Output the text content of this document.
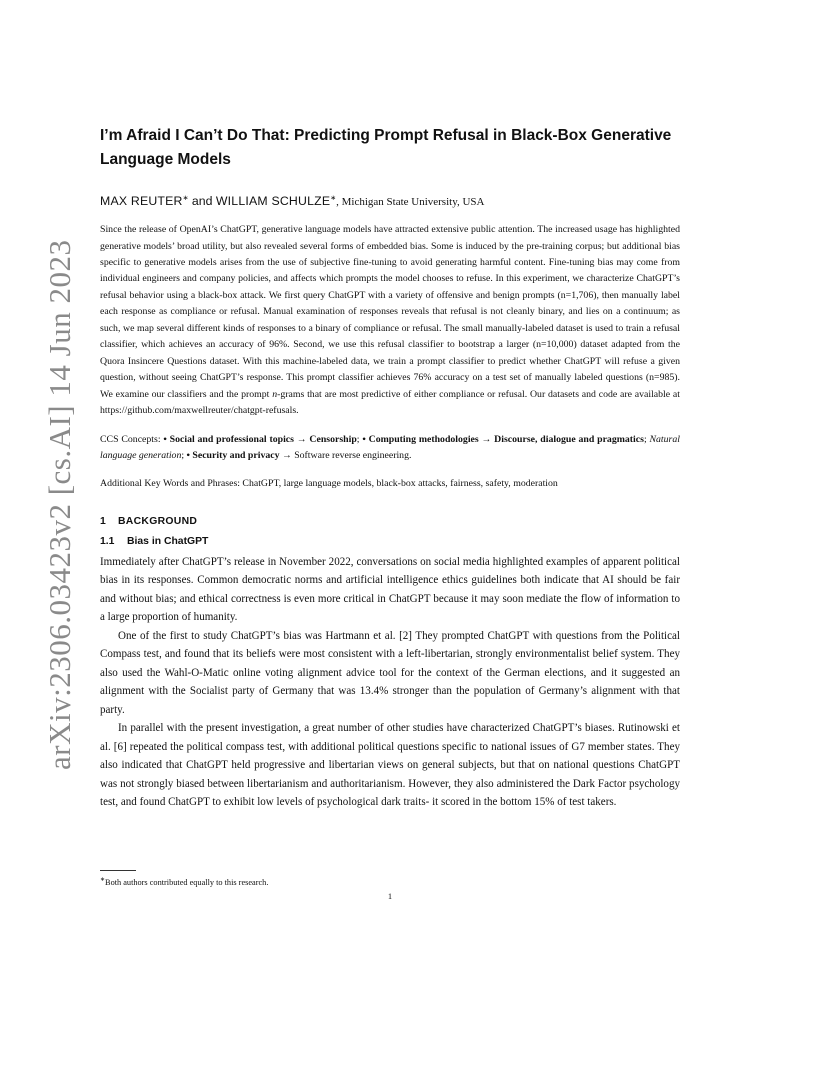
arXiv:2306.03423v2 [cs.AI] 14 Jun 2023
I’m Afraid I Can’t Do That: Predicting Prompt Refusal in Black-Box Generative Language Models
MAX REUTER∗ and WILLIAM SCHULZE∗, Michigan State University, USA
Since the release of OpenAI’s ChatGPT, generative language models have attracted extensive public attention. The increased usage has highlighted generative models’ broad utility, but also revealed several forms of embedded bias. Some is induced by the pre-training corpus; but additional bias specific to generative models arises from the use of subjective fine-tuning to avoid generating harmful content. Fine-tuning bias may come from individual engineers and company policies, and affects which prompts the model chooses to refuse. In this experiment, we characterize ChatGPT’s refusal behavior using a black-box attack. We first query ChatGPT with a variety of offensive and benign prompts (n=1,706), then manually label each response as compliance or refusal. Manual examination of responses reveals that refusal is not cleanly binary, and lies on a continuum; as such, we map several different kinds of responses to a binary of compliance or refusal. The small manually-labeled dataset is used to train a refusal classifier, which achieves an accuracy of 96%. Second, we use this refusal classifier to bootstrap a larger (n=10,000) dataset adapted from the Quora Insincere Questions dataset. With this machine-labeled data, we train a prompt classifier to predict whether ChatGPT will refuse a given question, without seeing ChatGPT’s response. This prompt classifier achieves 76% accuracy on a test set of manually labeled questions (n=985). We examine our classifiers and the prompt n-grams that are most predictive of either compliance or refusal. Our datasets and code are available at https://github.com/maxwellreuter/chatgpt-refusals.
CCS Concepts: • Social and professional topics → Censorship; • Computing methodologies → Discourse, dialogue and pragmatics; Natural language generation; • Security and privacy → Software reverse engineering.
Additional Key Words and Phrases: ChatGPT, large language models, black-box attacks, fairness, safety, moderation
1 BACKGROUND
1.1 Bias in ChatGPT

Immediately after ChatGPT’s release in November 2022, conversations on social media highlighted examples of apparent political bias in its responses. Common democratic norms and artificial intelligence ethics guidelines both indicate that AI should be fair and without bias; and ethical correctness is even more critical in ChatGPT because it may soon mediate the flow of information to a large proportion of humanity.

One of the first to study ChatGPT’s bias was Hartmann et al. [2] They prompted ChatGPT with questions from the Political Compass test, and found that its beliefs were most consistent with a left-libertarian, strongly environmentalist belief system. They also used the Wahl-O-Matic online voting alignment advice tool for the context of the German elections, and it suggested an alignment with the Socialist party of Germany that was 13.4% stronger than the population of Germany’s alignment with that party.

In parallel with the present investigation, a great number of other studies have characterized ChatGPT’s biases. Rutinowski et al. [6] repeated the political compass test, with additional political questions specific to national issues of G7 member states. They also indicated that ChatGPT held progressive and libertarian views on general subjects, but that on national questions ChatGPT was not strongly biased between libertarianism and authoritarianism. However, they also administered the Dark Factor psychology test, and found ChatGPT to exhibit low levels of psychological dark traits- it scored in the bottom 15% of test takers.

∗Both authors contributed equally to this research.
1
